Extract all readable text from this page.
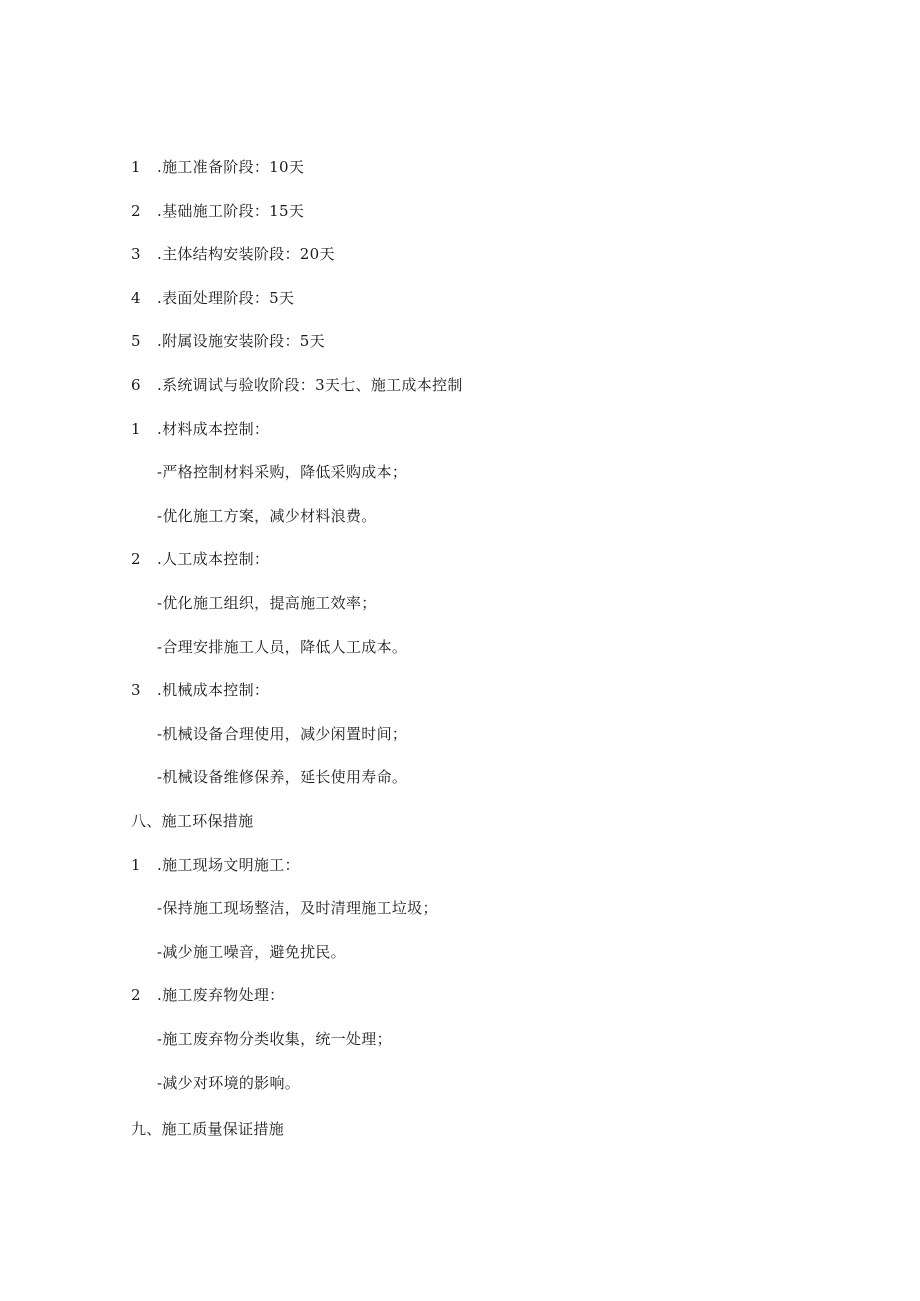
1 .施工准备阶段：10天
2 .基础施工阶段：15天
3 .主体结构安装阶段：20天
4 .表面处理阶段：5天
5 .附属设施安装阶段：5天
6 .系统调试与验收阶段：3天七、施工成本控制
1 .材料成本控制：
-严格控制材料采购，降低采购成本；
-优化施工方案，减少材料浪费。
2 .人工成本控制：
-优化施工组织，提高施工效率；
-合理安排施工人员，降低人工成本。
3 .机械成本控制：
-机械设备合理使用，减少闲置时间；
-机械设备维修保养，延长使用寿命。
八、施工环保措施
1 .施工现场文明施工：
-保持施工现场整洁，及时清理施工垃圾；
-减少施工噪音，避免扰民。
2 .施工废弃物处理：
-施工废弃物分类收集，统一处理；
-减少对环境的影响。
九、施工质量保证措施
